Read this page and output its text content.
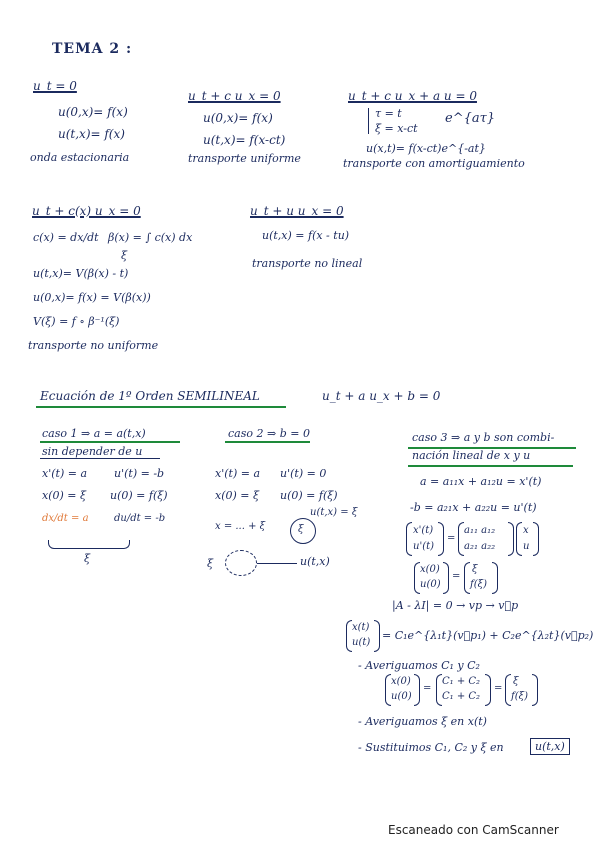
TEMA 2 :
u_t = 0
u(0,x)= f(x)
u(t,x)= f(x)
onda estacionaria
u_t + c u_x = 0
u(0,x)= f(x)
u(t,x)= f(x-ct)
transporte uniforme
u_t + c u_x + a u = 0
τ = t
ξ = x-ct
e^{aτ}
u(x,t)= f(x-ct)e^{-at}
transporte con amortiguamiento
u_t + c(x) u_x = 0
c(x) = dx/dt β(x) = ∫ c(x) dx
ξ
u(t,x)= V(β(x) - t)
u(0,x)= f(x) = V(β(x))
V(ξ) = f ∘ β⁻¹(ξ)
transporte no uniforme
u_t + u u_x = 0
u(t,x) = f(x - tu)
transporte no lineal
Ecuación de 1º Orden SEMILINEAL	u_t + a u_x + b = 0
caso 1 ⇒ a = a(t,x)
sin depender de u
x'(t) = a u'(t) = -b
x(0) = ξ u(0) = f(ξ)
dx/dt = a	du/dt = -b
ξ
caso 2 ⇒ b = 0
x'(t) = a u'(t) = 0
x(0) = ξ u(0) = f(ξ)
u(t,x) = ξ
x = ... + ξ	ξ
ξ	u(t,x)
caso 3 ⇒ a y b son combi-
nación lineal de x y u
a = a₁₁x + a₁₂u = x'(t)
-b = a₂₁x + a₂₂u = u'(t)
x'(t)
u'(t)
=
a₁₁ a₁₂
a₂₁ a₂₂
x
u
x(0)
u(0)
=
ξ
f(ξ)
|A - λI| = 0 → vp → v⃗p
x(t)
u(t)
= C₁e^{λ₁t}(v⃗p₁) + C₂e^{λ₂t}(v⃗p₂)
- Averiguamos C₁ y C₂
x(0)
u(0)
=
C₁ + C₂
C₁ + C₂
=
ξ
f(ξ)
- Averiguamos ξ en x(t)
- Sustituimos C₁, C₂ y ξ en	u(t,x)
Escaneado con CamScanner
